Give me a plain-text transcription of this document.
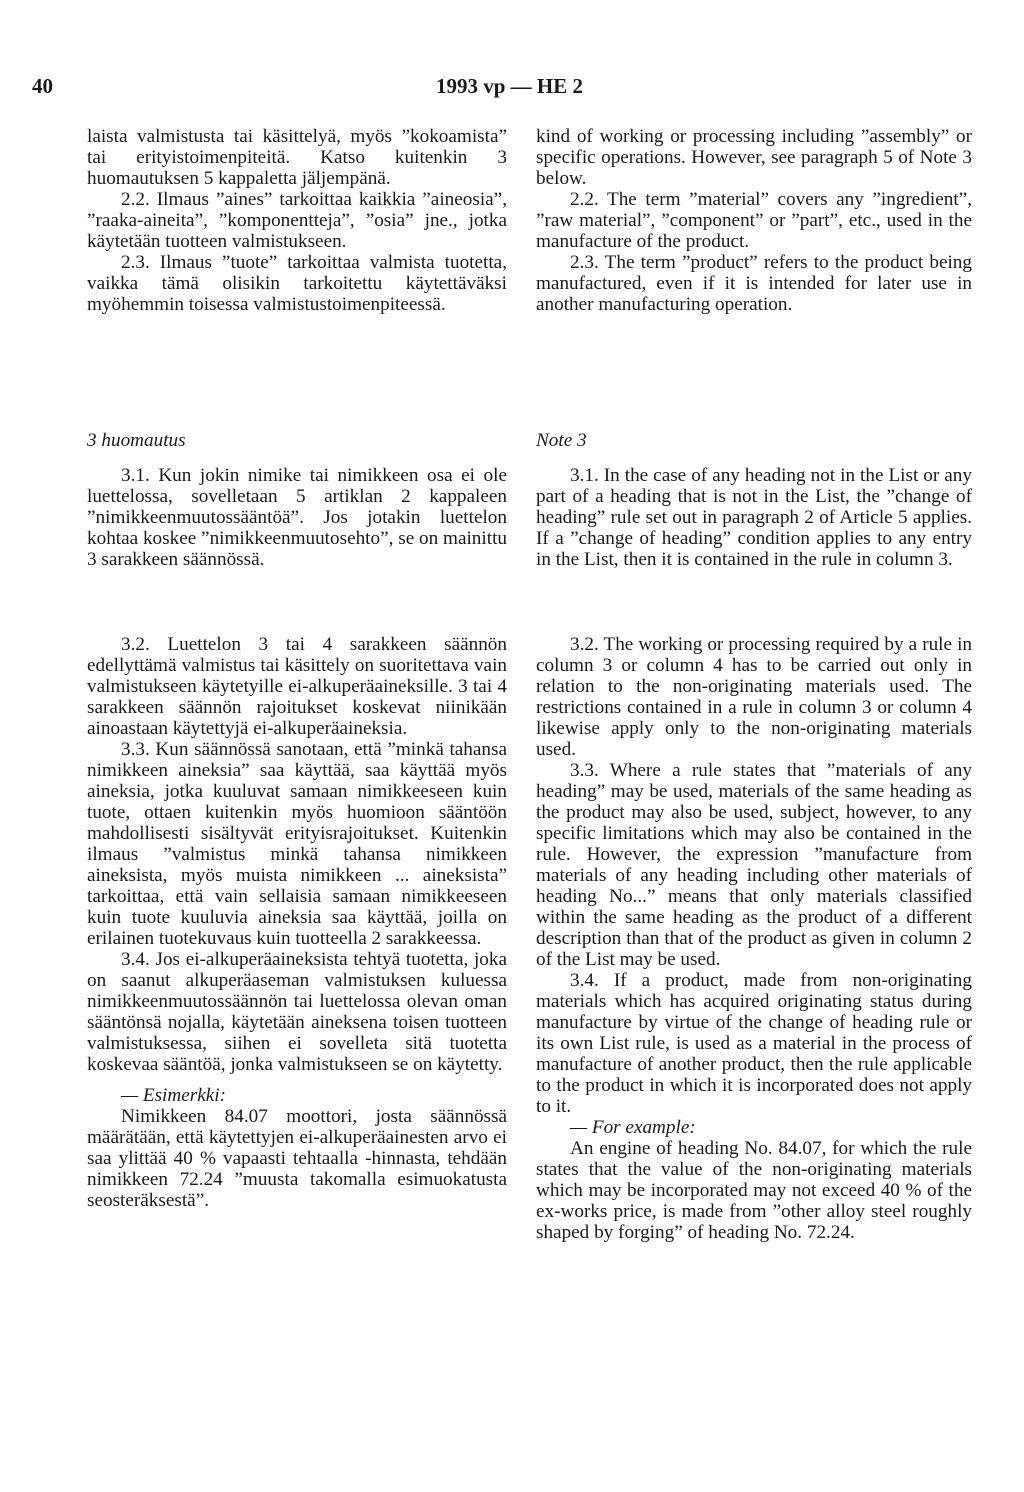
40	1993 vp — HE 2

laista valmistusta tai käsittelyä, myös ”kokoamista” tai erityistoimenpiteitä. Katso kuitenkin 3 huomautuksen 5 kappaletta jäljempänä.

2.2. Ilmaus ”aines” tarkoittaa kaikkia ”aineosia”, ”raaka-aineita”, ”komponentteja”, ”osia” jne., jotka käytetään tuotteen valmistukseen.

2.3. Ilmaus ”tuote” tarkoittaa valmista tuotetta, vaikka tämä olisikin tarkoitettu käytettäväksi myöhemmin toisessa valmistustoimenpiteessä.

kind of working or processing including ”assembly” or specific operations. However, see paragraph 5 of Note 3 below.

2.2. The term ”material” covers any ”ingredient”, ”raw material”, ”component” or ”part”, etc., used in the manufacture of the product.

2.3. The term ”product” refers to the product being manufactured, even if it is intended for later use in another manufacturing operation.

3 huomautus	Note 3

3.1. Kun jokin nimike tai nimikkeen osa ei ole luettelossa, sovelletaan 5 artiklan 2 kappaleen ”nimikkeenmuutossääntöä”. Jos jotakin luettelon kohtaa koskee ”nimikkeenmuutosehto”, se on mainittu 3 sarakkeen säännössä.

3.1. In the case of any heading not in the List or any part of a heading that is not in the List, the ”change of heading” rule set out in paragraph 2 of Article 5 applies. If a ”change of heading” condition applies to any entry in the List, then it is contained in the rule in column 3.

3.2. Luettelon 3 tai 4 sarakkeen säännön edellyttämä valmistus tai käsittely on suoritettava vain valmistukseen käytetyille ei-alkuperäaineksille. 3 tai 4 sarakkeen säännön rajoitukset koskevat niinikään ainoastaan käytettyjä ei-alkuperäaineksia.

3.3. Kun säännössä sanotaan, että ”minkä tahansa nimikkeen aineksia” saa käyttää, saa käyttää myös aineksia, jotka kuuluvat samaan nimikkeeseen kuin tuote, ottaen kuitenkin myös huomioon sääntöön mahdollisesti sisältyvät erityisrajoitukset. Kuitenkin ilmaus ”valmistus minkä tahansa nimikkeen aineksista, myös muista nimikkeen ... aineksista” tarkoittaa, että vain sellaisia samaan nimikkeeseen kuin tuote kuuluvia aineksia saa käyttää, joilla on erilainen tuotekuvaus kuin tuotteella 2 sarakkeessa.

3.4. Jos ei-alkuperäaineksista tehtyä tuotetta, joka on saanut alkuperäaseman valmistuksen kuluessa nimikkeenmuutossäännön tai luettelossa olevan oman sääntönsä nojalla, käytetään aineksena toisen tuotteen valmistuksessa, siihen ei sovelleta sitä tuotetta koskevaa sääntöä, jonka valmistukseen se on käytetty.

— Esimerkki:

Nimikkeen 84.07 moottori, josta säännössä määrätään, että käytettyjen ei-alkuperäainesten arvo ei saa ylittää 40 % vapaasti tehtaalla -hinnasta, tehdään nimikkeen 72.24 ”muusta takomalla esimuokatusta seosteräksestä”.

3.2. The working or processing required by a rule in column 3 or column 4 has to be carried out only in relation to the non-originating materials used. The restrictions contained in a rule in column 3 or column 4 likewise apply only to the non-originating materials used.

3.3. Where a rule states that ”materials of any heading” may be used, materials of the same heading as the product may also be used, subject, however, to any specific limitations which may also be contained in the rule. However, the expression ”manufacture from materials of any heading including other materials of heading No...” means that only materials classified within the same heading as the product of a different description than that of the product as given in column 2 of the List may be used.

3.4. If a product, made from non-originating materials which has acquired originating status during manufacture by virtue of the change of heading rule or its own List rule, is used as a material in the process of manufacture of another product, then the rule applicable to the product in which it is incorporated does not apply to it.

— For example:

An engine of heading No. 84.07, for which the rule states that the value of the non-originating materials which may be incorporated may not exceed 40 % of the ex-works price, is made from ”other alloy steel roughly shaped by forging” of heading No. 72.24.
